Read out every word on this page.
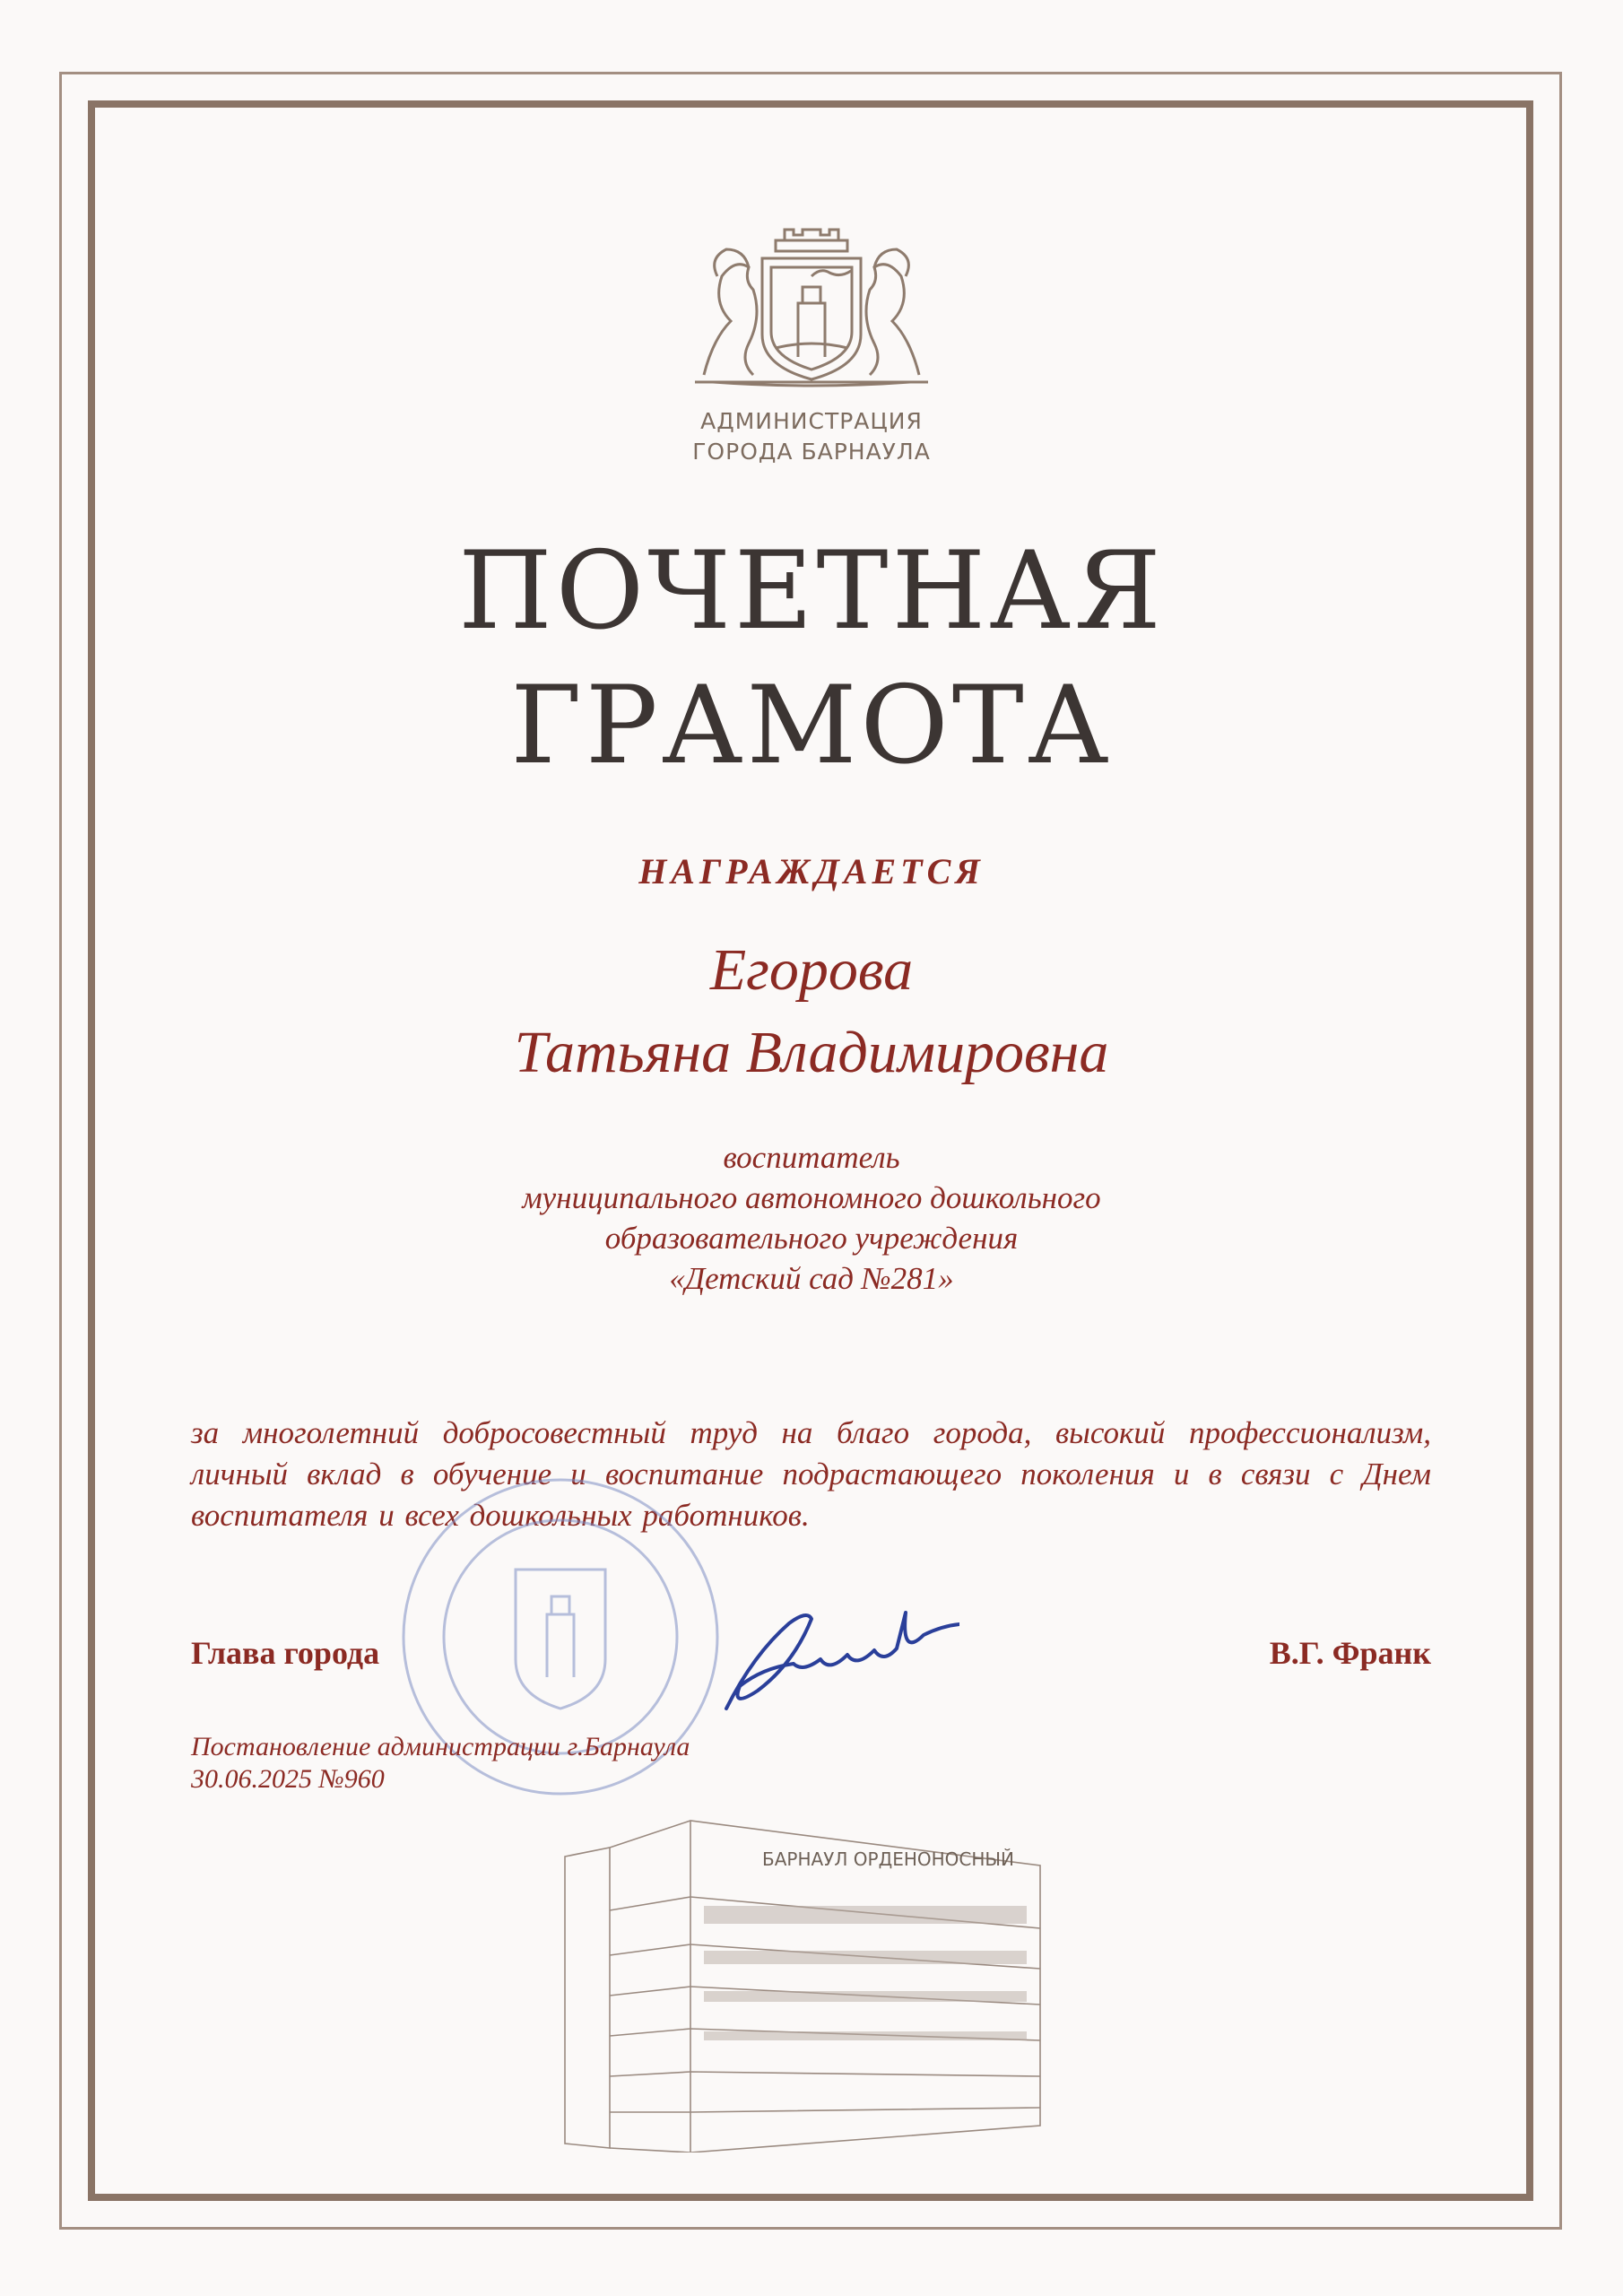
АДМИНИСТРАЦИЯ
ГОРОДА БАРНАУЛА
ПОЧЕТНАЯ
ГРАМОТА
НАГРАЖДАЕТСЯ
Егорова
Татьяна Владимировна
воспитатель
муниципального автономного дошкольного
образовательного учреждения
«Детский сад №281»
за многолетний добросовестный труд на благо города, высокий профессионализм, личный вклад в обучение и воспитание подрастающего поколения и в связи с Днем воспитателя и всех дошкольных работников.
Глава города	В.Г. Франк
Постановление администрации г.Барнаула
30.06.2025 №960
БАРНАУЛ ОРДЕНОНОСНЫЙ
